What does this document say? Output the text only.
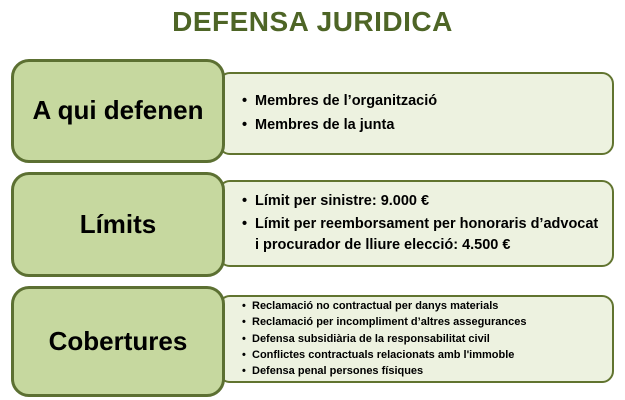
DEFENSA JURIDICA
• Membres de l’organització
• Membres de la junta
A qui defenen
• Límit per sinistre: 9.000 €
• Límit per reemborsament per honoraris d’advocat i procurador de lliure elecció: 4.500 €
Límits
• Reclamació no contractual per danys materials
• Reclamació per incompliment d’altres assegurances
• Defensa subsidiària de la responsabilitat civil
• Conflictes contractuals relacionats amb l'immoble
• Defensa penal persones físiques
Cobertures
